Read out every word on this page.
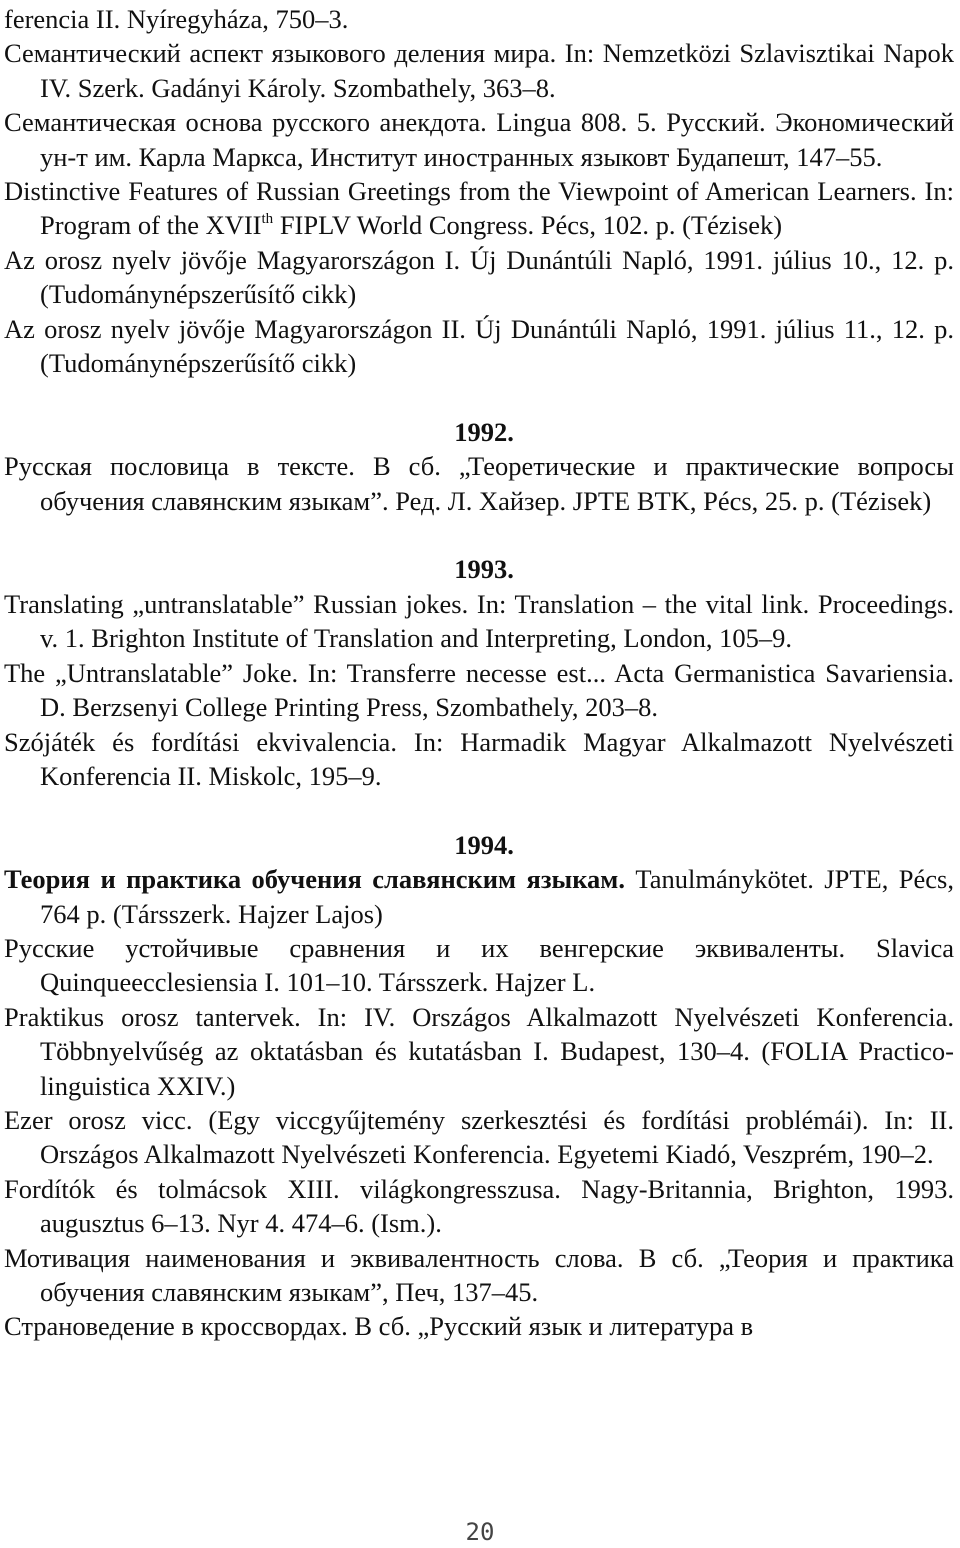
ferencia II. Nyíregyháza, 750–3.

Семантический аспект языкового деления мира. In: Nemzetközi Szlavisztikai Napok IV. Szerk. Gadányi Károly. Szombathely, 363–8.

Семантическая основа русского анекдота. Lingua 808. 5. Русский. Экономический ун-т им. Карла Маркса, Институт иностранных языковт Будапешт, 147–55.

Distinctive Features of Russian Greetings from the Viewpoint of American Learners. In: Program of the XVIIth FIPLV World Congress. Pécs, 102. p. (Tézisek)

Az orosz nyelv jövője Magyarországon I. Új Dunántúli Napló, 1991. július 10., 12. p. (Tudománynépszerűsítő cikk)

Az orosz nyelv jövője Magyarországon II. Új Dunántúli Napló, 1991. július 11., 12. p. (Tudománynépszerűsítő cikk)

1992.

Русская пословица в тексте. В сб. „Теоретические и практические вопросы обучения славянским языкам”. Ред. Л. Хайзер. JPTE BTK, Pécs, 25. p. (Tézisek)

1993.

Translating „untranslatable” Russian jokes. In: Translation – the vital link. Proceedings. v. 1. Brighton Institute of Translation and Interpreting, London, 105–9.

The „Untranslatable” Joke. In: Transferre necesse est... Acta Germanistica Savariensia. D. Berzsenyi College Printing Press, Szombathely, 203–8.

Szójáték és fordítási ekvivalencia. In: Harmadik Magyar Alkalmazott Nyelvészeti Konferencia II. Miskolc, 195–9.

1994.

Теория и практика обучения славянским языкам. Tanulmánykötet. JPTE, Pécs, 764 p. (Társszerk. Hajzer Lajos)

Русские устойчивые сравнения и их венгерские эквиваленты. Slavica Quinqueecclesiensia I. 101–10. Társszerk. Hajzer L.

Praktikus orosz tantervek. In: IV. Országos Alkalmazott Nyelvészeti Konferencia. Többnyelvűség az oktatásban és kutatásban I. Budapest, 130–4. (FOLIA Practico-linguistica XXIV.)

Ezer orosz vicc. (Egy viccgyűjtemény szerkesztési és fordítási problémái). In: II. Országos Alkalmazott Nyelvészeti Konferencia. Egyetemi Kiadó, Veszprém, 190–2.

Fordítók és tolmácsok XIII. világkongresszusa. Nagy-Britannia, Brighton, 1993. augusztus 6–13. Nyr 4. 474–6. (Ism.).

Мотивация наименования и эквивалентность слова. В сб. „Теория и практика обучения славянским языкам”, Печ, 137–45.

Страноведение в кроссвордах. В сб. „Русский язык и литература в

20
